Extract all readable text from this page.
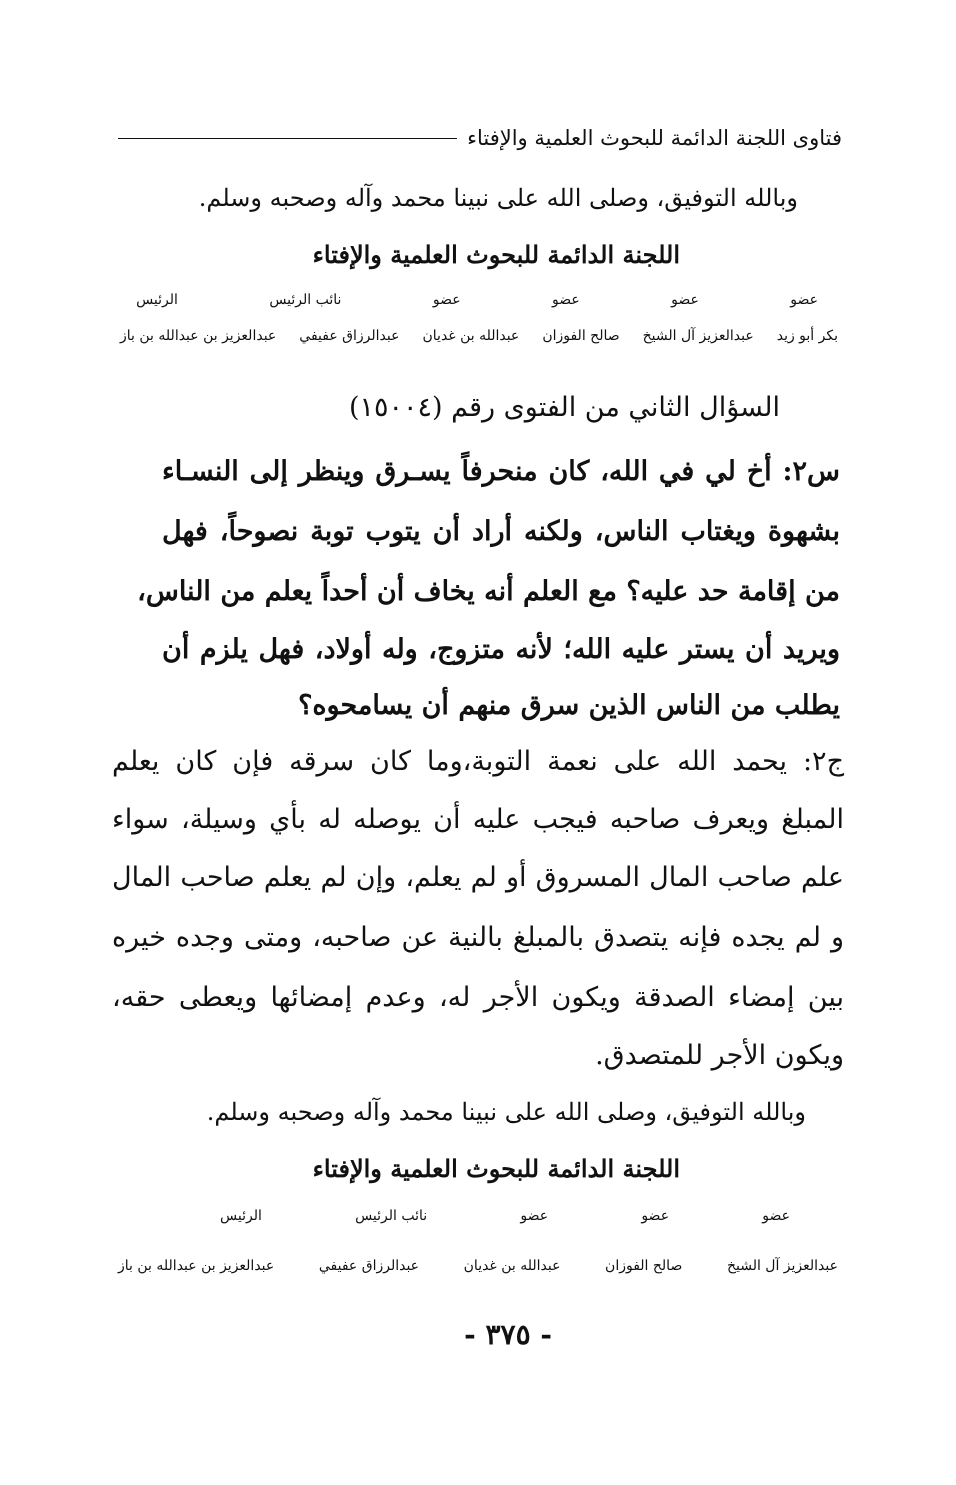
فتاوى اللجنة الدائمة للبحوث العلمية والإفتاء
وبالله التوفيق، وصلى الله على نبينا محمد وآله وصحبه وسلم.
اللجنة الدائمة للبحوث العلمية والإفتاء
عضو
عضو
عضو
عضو
نائب الرئيس
الرئيس
بكر أبو زيد
عبدالعزيز آل الشيخ
صالح الفوزان
عبدالله بن غديان
عبدالرزاق عفيفي
عبدالعزيز بن عبدالله بن باز
السؤال الثاني من الفتوى رقم (١٥٠٠٤)
س٢: أخ لي في الله، كان منحرفاً يسـرق وينظر إلى النسـاء
بشهوة ويغتاب الناس، ولكنه أراد أن يتوب توبة نصوحاً، فهل
من إقامة حد عليه؟ مع العلم أنه يخاف أن أحداً يعلم من الناس،
ويريد أن يستر عليه الله؛ لأنه متزوج، وله أولاد، فهل يلزم أن
يطلب من الناس الذين سرق منهم أن يسامحوه؟
ج٢: يحمد الله على نعمة التوبة،وما كان سرقه فإن كان يعلم
المبلغ ويعرف صاحبه فيجب عليه أن يوصله له بأي وسيلة، سواء
علم صاحب المال المسروق أو لم يعلم، وإن لم يعلم صاحب المال
و لم يجده فإنه يتصدق بالمبلغ بالنية عن صاحبه، ومتى وجده خيره
بين إمضاء الصدقة ويكون الأجر له، وعدم إمضائها ويعطى حقه،
ويكون الأجر للمتصدق.
وبالله التوفيق، وصلى الله على نبينا محمد وآله وصحبه وسلم.
اللجنة الدائمة للبحوث العلمية والإفتاء
عضو
عضو
عضو
نائب الرئيس
الرئيس
عبدالعزيز آل الشيخ
صالح الفوزان
عبدالله بن غديان
عبدالرزاق عفيفي
عبدالعزيز بن عبدالله بن باز
- ٣٧٥ -
